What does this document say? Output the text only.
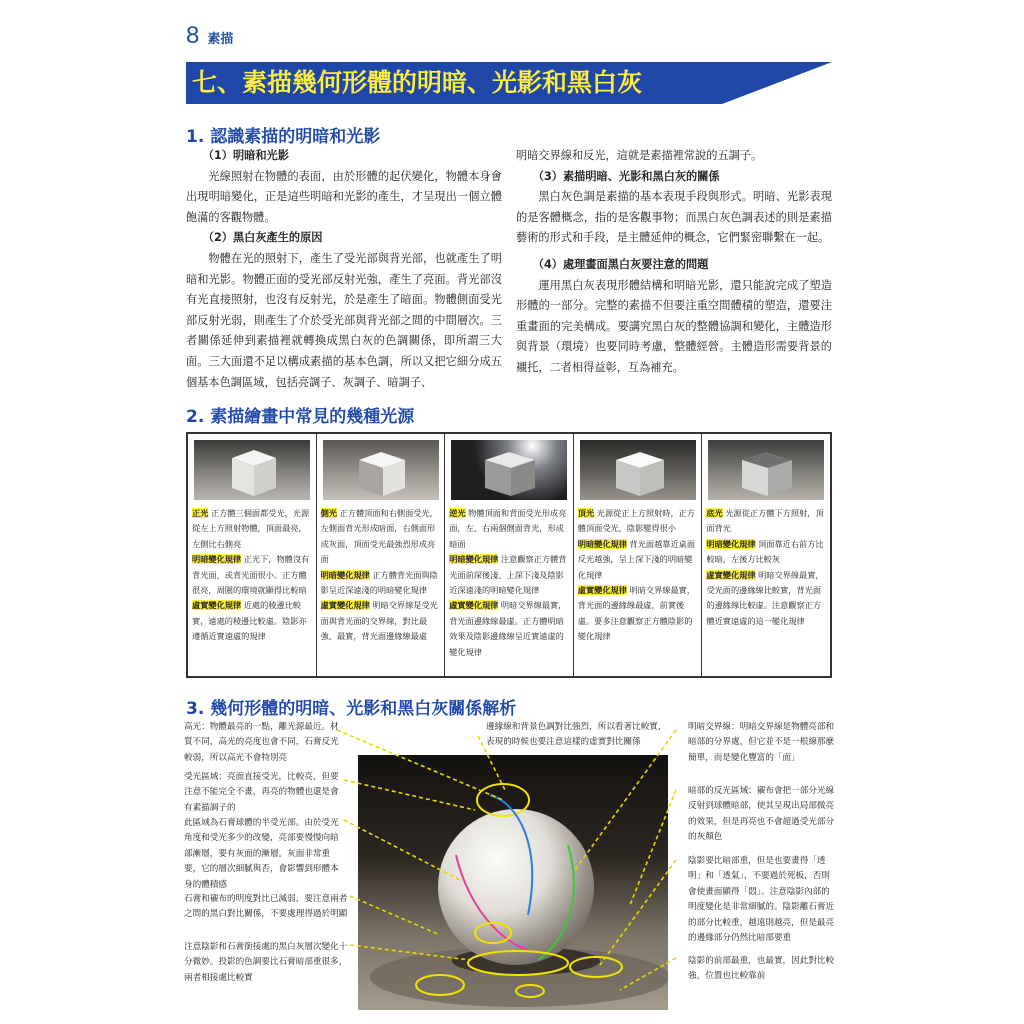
8 素描
七、素描幾何形體的明暗、光影和黑白灰
1. 認識素描的明暗和光影
（1）明暗和光影

光線照射在物體的表面，由於形體的起伏變化，物體本身會出現明暗變化，正是這些明暗和光影的產生，才呈現出一個立體飽滿的客觀物體。

（2）黑白灰產生的原因

物體在光的照射下，產生了受光部與背光部，也就產生了明暗和光影。物體正面的受光部反射光強，產生了亮面。背光部沒有光直接照射，也沒有反射光，於是產生了暗面。物體側面受光部反射光弱，則產生了介於受光部與背光部之間的中間層次。三者關係延伸到素描裡就轉換成黑白灰的色調關係，即所謂三大面。三大面還不足以構成素描的基本色調，所以又把它細分成五個基本色調區域，包括亮調子、灰調子、暗調子、

明暗交界線和反光，這就是素描裡常說的五調子。

（3）素描明暗、光影和黑白灰的關係

黑白灰色調是素描的基本表現手段與形式。明暗、光影表現的是客體概念，指的是客觀事物；而黑白灰色調表述的則是素描藝術的形式和手段，是主體延伸的概念，它們緊密聯繫在一起。

（4）處理畫面黑白灰要注意的問題

運用黑白灰表現形體結構和明暗光影，還只能說完成了塑造形體的一部分。完整的素描不但要注重空間體積的塑造，還要注重畫面的完美構成。要講究黑白灰的整體協調和變化，主體造形與背景（環境）也要同時考慮，整體經營。主體造形需要背景的襯托，二者相得益彰，互為補充。

2. 素描繪畫中常見的幾種光源
正光 正方體三個面都受光，光源從左上方照射物體，頂面最亮，左側比右側亮
明暗變化規律 正光下，物體沒有背光面，或背光面很小。正方體很亮，周圍的環境就顯得比較暗
虛實變化規律 近處的稜邊比較實，遠處的稜邊比較虛。陰影亦遵循近實遠虛的規律
側光 正方體頂面和右側面受光，左側面背光形成暗面，右側面形成灰面，頂面受光最強烈形成亮面
明暗變化規律 正方體背光面與陰影呈近深遠淺的明暗變化規律
虛實變化規律 明暗交界線是受光面與背光面的交界線，對比最強、最實，背光面邊緣線最虛
逆光 物體頂面和背面受光形成亮面，左、右兩個側面背光，形成暗面
明暗變化規律 注意觀察正方體背光面前深後淺、上深下淺及陰影近深遠淺的明暗變化規律
虛實變化規律 明暗交界線最實，背光面邊緣線最虛。正方體明暗效果及陰影邊緣線呈近實遠虛的變化規律
頂光 光源從正上方照射時，正方體頂面受光，陰影變得很小
明暗變化規律 背光面越靠近桌面反光越強，呈上深下淺的明暗變化規律
虛實變化規律 明暗交界線最實，背光面的邊緣線最虛，前實後虛。要多注意觀察正方體陰影的變化規律
底光 光源從正方體下方照射，頂面背光
明暗變化規律 頂面靠近右前方比較暗，左後方比較灰
虛實變化規律 明暗交界線最實，受光面的邊緣線比較實，背光面的邊緣線比較虛。注意觀察正方體近實遠虛的這一變化規律
3. 幾何形體的明暗、光影和黑白灰關係解析
高光：物體最亮的一點，離光源最近。材質不同，高光的亮度也會不同，石膏反光較弱，所以高光不會特別亮
受光區域：亮面直接受光，比較亮，但要注意不能完全不畫，再亮的物體也還是會有素描調子的
此區域為石膏球體的半受光部。由於受光角度和受光多少的改變，亮部要慢慢向暗部漸層，要有灰面的漸層。灰面非常重要，它的層次細膩與否，會影響到形體本身的體積感
石膏和襯布的明度對比已減弱，要注意兩者之間的黑白對比關係，不要處理得過於明顯
注意陰影和石膏銜接處的黑白灰層次變化十分微妙。投影的色調要比石膏暗部重很多，兩者相接處比較實
邊緣線和背景色調對比強烈，所以看著比較實，表現的時候也要注意這樣的虛實對比關係
明暗交界線：明暗交界線是物體亮部和暗部的分界處，但它並不是一根線那麼簡單，而是變化豐富的「面」
暗部的反光區域：襯布會把一部分光線反射到球體暗部，使其呈現出局部微亮的效果，但是再亮也不會超過受光部分的灰顏色
陰影要比暗部重，但是也要畫得「透明」和「透氣」，不要過於死板，否則會使畫面顯得「悶」。注意陰影內部的明度變化是非常細膩的。陰影離石膏近的部分比較重，越遠則越亮，但是最亮的邊緣部分仍然比暗部要重
陰影的前部最重，也最實，因此對比較強，位置也比較靠前
